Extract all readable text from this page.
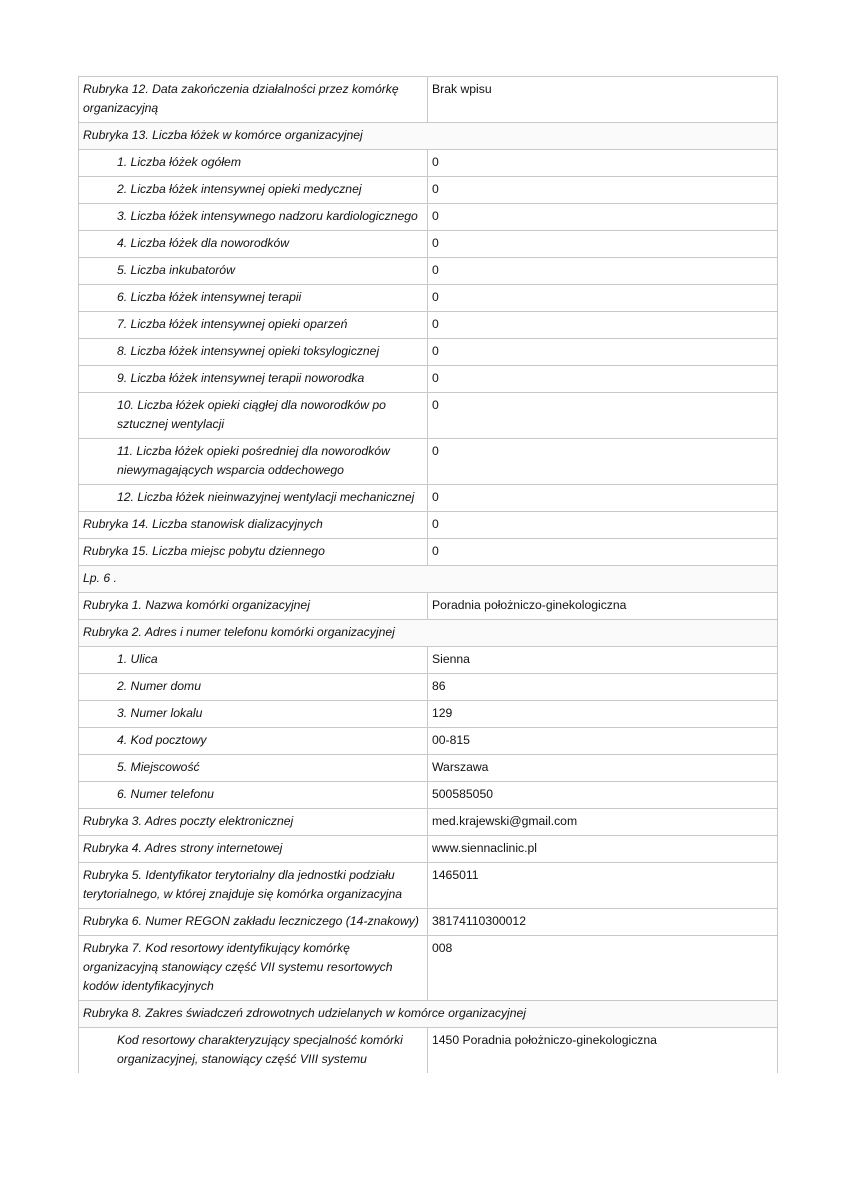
Rubryka 12. Data zakończenia działalności przez komórkę organizacyjną	Brak wpisu
Rubryka 13. Liczba łóżek w komórce organizacyjnej	
1. Liczba łóżek ogółem	0
2. Liczba łóżek intensywnej opieki medycznej	0
3. Liczba łóżek intensywnego nadzoru kardiologicznego	0
4. Liczba łóżek dla noworodków	0
5. Liczba inkubatorów	0
6. Liczba łóżek intensywnej terapii	0
7. Liczba łóżek intensywnej opieki oparzeń	0
8. Liczba łóżek intensywnej opieki toksylogicznej	0
9. Liczba łóżek intensywnej terapii noworodka	0
10. Liczba łóżek opieki ciągłej dla noworodków po sztucznej wentylacji	0
11. Liczba łóżek opieki pośredniej dla noworodków niewymagających wsparcia oddechowego	0
12. Liczba łóżek nieinwazyjnej wentylacji mechanicznej	0
Rubryka 14. Liczba stanowisk dializacyjnych	0
Rubryka 15. Liczba miejsc pobytu dziennego	0
Lp. 6 .	
Rubryka 1. Nazwa komórki organizacyjnej	Poradnia położniczo-ginekologiczna
Rubryka 2. Adres i numer telefonu komórki organizacyjnej	
1. Ulica	Sienna
2. Numer domu	86
3. Numer lokalu	129
4. Kod pocztowy	00-815
5. Miejscowość	Warszawa
6. Numer telefonu	500585050
Rubryka 3. Adres poczty elektronicznej	med.krajewski@gmail.com
Rubryka 4. Adres strony internetowej	www.siennaclinic.pl
Rubryka 5. Identyfikator terytorialny dla jednostki podziału terytorialnego, w której znajduje się komórka organizacyjna	1465011
Rubryka 6. Numer REGON zakładu leczniczego (14-znakowy)	38174110300012
Rubryka 7. Kod resortowy identyfikujący komórkę organizacyjną stanowiący część VII systemu resortowych kodów identyfikacyjnych	008
Rubryka 8. Zakres świadczeń zdrowotnych udzielanych w komórce organizacyjnej	
Kod resortowy charakteryzujący specjalność komórki organizacyjnej, stanowiący część VIII systemu	1450 Poradnia położniczo-ginekologiczna
